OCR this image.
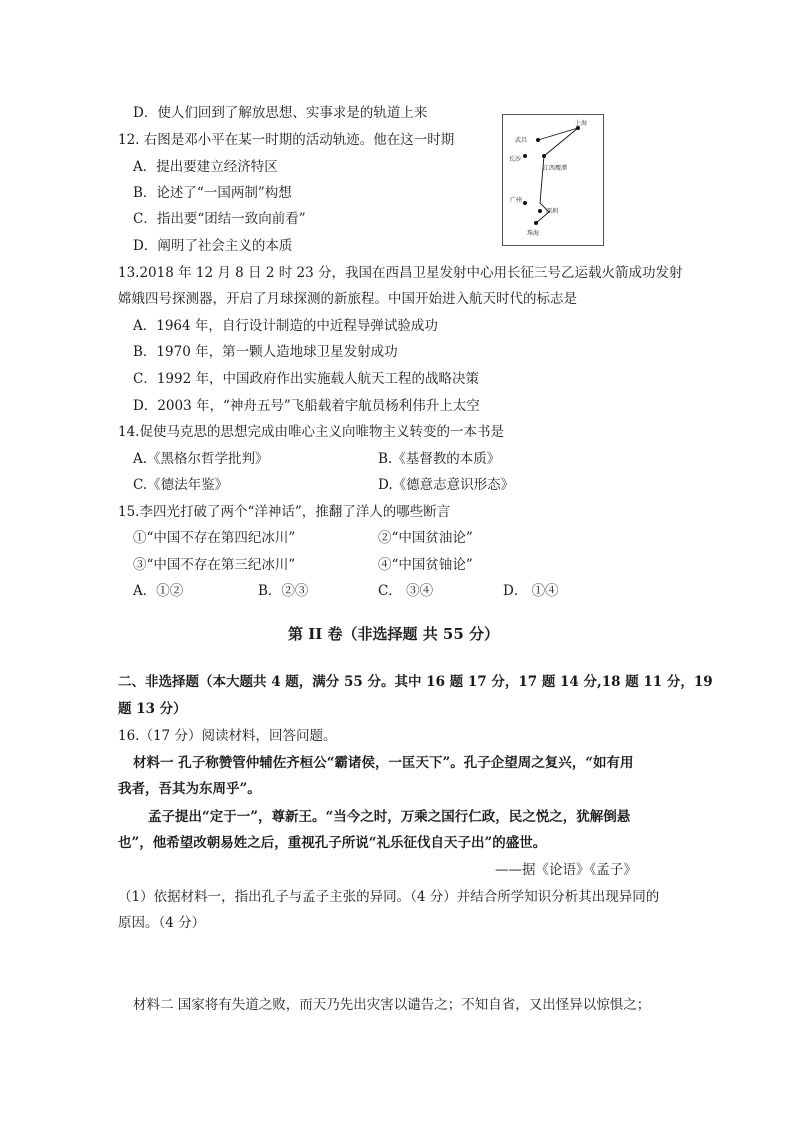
D．使人们回到了解放思想、实事求是的轨道上来
12. 右图是邓小平在某一时期的活动轨迹。他在这一时期
A．提出要建立经济特区
B．论述了“一国两制”构想
C．指出要“团结一致向前看”
D．阐明了社会主义的本质
武昌
上海
长沙
江西鹰潭
广州
深圳
珠海
13.2018 年 12 月 8 日 2 时 23 分，我国在西昌卫星发射中心用长征三号乙运载火箭成功发射
嫦娥四号探测器，开启了月球探测的新旅程。中国开始进入航天时代的标志是
A．1964 年，自行设计制造的中近程导弹试验成功
B．1970 年，第一颗人造地球卫星发射成功
C．1992 年，中国政府作出实施载人航天工程的战略决策
D．2003 年，“神舟五号”飞船载着宇航员杨利伟升上太空
14.促使马克思的思想完成由唯心主义向唯物主义转变的一本书是
A.《黑格尔哲学批判》	B.《基督教的本质》
C.《德法年鉴》	D.《德意志意识形态》
15.李四光打破了两个“洋神话”，推翻了洋人的哪些断言
①“中国不存在第四纪冰川”	②“中国贫油论”
③“中国不存在第三纪冰川”	④“中国贫铀论”
A．①②	B．②③	C． ③④	D． ①④
第 II 卷（非选择题 共 55 分）
二、非选择题（本大题共 4 题，满分 55 分。其中 16 题 17 分，17 题 14 分,18 题 11 分，19
题 13 分）
16.（17 分）阅读材料，回答问题。
材料一 孔子称赞管仲辅佐齐桓公“霸诸侯，一匡天下”。孔子企望周之复兴，“如有用
我者，吾其为东周乎”。
孟子提出“定于一”，尊新王。“当今之时，万乘之国行仁政，民之悦之，犹解倒悬
也”，他希望改朝易姓之后，重视孔子所说“礼乐征伐自天子出”的盛世。
——据《论语》《孟子》
（1）依据材料一，指出孔子与孟子主张的异同。（4 分）并结合所学知识分析其出现异同的
原因。（4 分）
材料二 国家将有失道之败，而天乃先出灾害以谴告之；不知自省，又出怪异以惊惧之；
